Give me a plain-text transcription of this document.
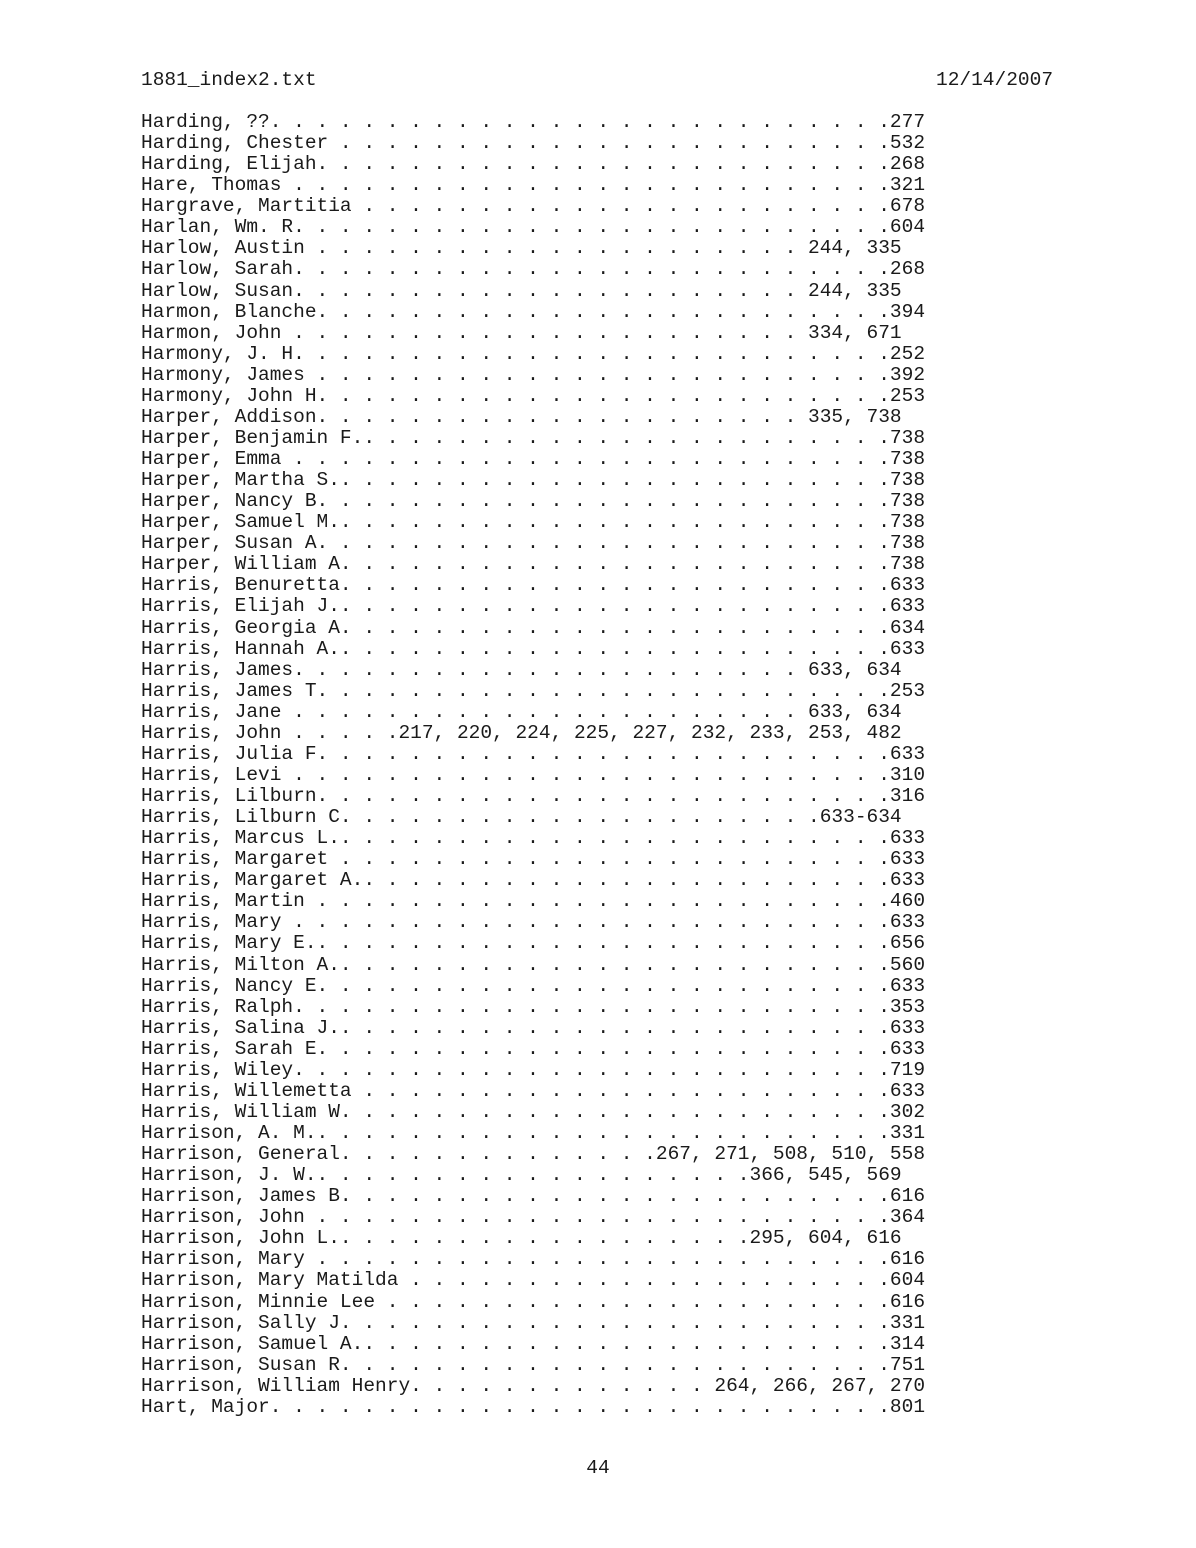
1881_index2.txt	12/14/2007
Harding, ??. . . . . . . . . . . . . . . . . . . . . . . . . . .277
Harding, Chester . . . . . . . . . . . . . . . . . . . . . . . .532
Harding, Elijah. . . . . . . . . . . . . . . . . . . . . . . . .268
Hare, Thomas . . . . . . . . . . . . . . . . . . . . . . . . . .321
Hargrave, Martitia . . . . . . . . . . . . . . . . . . . . . . .678
Harlan, Wm. R. . . . . . . . . . . . . . . . . . . . . . . . . .604
Harlow, Austin . . . . . . . . . . . . . . . . . . . . . 244, 335
Harlow, Sarah. . . . . . . . . . . . . . . . . . . . . . . . . .268
Harlow, Susan. . . . . . . . . . . . . . . . . . . . . . 244, 335
Harmon, Blanche. . . . . . . . . . . . . . . . . . . . . . . . .394
Harmon, John . . . . . . . . . . . . . . . . . . . . . . 334, 671
Harmony, J. H. . . . . . . . . . . . . . . . . . . . . . . . . .252
Harmony, James . . . . . . . . . . . . . . . . . . . . . . . . .392
Harmony, John H. . . . . . . . . . . . . . . . . . . . . . . . .253
Harper, Addison. . . . . . . . . . . . . . . . . . . . . 335, 738
Harper, Benjamin F.. . . . . . . . . . . . . . . . . . . . . . .738
Harper, Emma . . . . . . . . . . . . . . . . . . . . . . . . . .738
Harper, Martha S.. . . . . . . . . . . . . . . . . . . . . . . .738
Harper, Nancy B. . . . . . . . . . . . . . . . . . . . . . . . .738
Harper, Samuel M.. . . . . . . . . . . . . . . . . . . . . . . .738
Harper, Susan A. . . . . . . . . . . . . . . . . . . . . . . . .738
Harper, William A. . . . . . . . . . . . . . . . . . . . . . . .738
Harris, Benuretta. . . . . . . . . . . . . . . . . . . . . . . .633
Harris, Elijah J.. . . . . . . . . . . . . . . . . . . . . . . .633
Harris, Georgia A. . . . . . . . . . . . . . . . . . . . . . . .634
Harris, Hannah A.. . . . . . . . . . . . . . . . . . . . . . . .633
Harris, James. . . . . . . . . . . . . . . . . . . . . . 633, 634
Harris, James T. . . . . . . . . . . . . . . . . . . . . . . . .253
Harris, Jane . . . . . . . . . . . . . . . . . . . . . . 633, 634
Harris, John . . . . .217, 220, 224, 225, 227, 232, 233, 253, 482
Harris, Julia F. . . . . . . . . . . . . . . . . . . . . . . . .633
Harris, Levi . . . . . . . . . . . . . . . . . . . . . . . . . .310
Harris, Lilburn. . . . . . . . . . . . . . . . . . . . . . . . .316
Harris, Lilburn C. . . . . . . . . . . . . . . . . . . . .633-634
Harris, Marcus L.. . . . . . . . . . . . . . . . . . . . . . . .633
Harris, Margaret . . . . . . . . . . . . . . . . . . . . . . . .633
Harris, Margaret A.. . . . . . . . . . . . . . . . . . . . . . .633
Harris, Martin . . . . . . . . . . . . . . . . . . . . . . . . .460
Harris, Mary . . . . . . . . . . . . . . . . . . . . . . . . . .633
Harris, Mary E.. . . . . . . . . . . . . . . . . . . . . . . . .656
Harris, Milton A.. . . . . . . . . . . . . . . . . . . . . . . .560
Harris, Nancy E. . . . . . . . . . . . . . . . . . . . . . . . .633
Harris, Ralph. . . . . . . . . . . . . . . . . . . . . . . . . .353
Harris, Salina J.. . . . . . . . . . . . . . . . . . . . . . . .633
Harris, Sarah E. . . . . . . . . . . . . . . . . . . . . . . . .633
Harris, Wiley. . . . . . . . . . . . . . . . . . . . . . . . . .719
Harris, Willemetta . . . . . . . . . . . . . . . . . . . . . . .633
Harris, William W. . . . . . . . . . . . . . . . . . . . . . . .302
Harrison, A. M.. . . . . . . . . . . . . . . . . . . . . . . . .331
Harrison, General. . . . . . . . . . . . . .267, 271, 508, 510, 558
Harrison, J. W.. . . . . . . . . . . . . . . . . . .366, 545, 569
Harrison, James B. . . . . . . . . . . . . . . . . . . . . . . .616
Harrison, John . . . . . . . . . . . . . . . . . . . . . . . . .364
Harrison, John L.. . . . . . . . . . . . . . . . . .295, 604, 616
Harrison, Mary . . . . . . . . . . . . . . . . . . . . . . . . .616
Harrison, Mary Matilda . . . . . . . . . . . . . . . . . . . . .604
Harrison, Minnie Lee . . . . . . . . . . . . . . . . . . . . . .616
Harrison, Sally J. . . . . . . . . . . . . . . . . . . . . . . .331
Harrison, Samuel A.. . . . . . . . . . . . . . . . . . . . . . .314
Harrison, Susan R. . . . . . . . . . . . . . . . . . . . . . . .751
Harrison, William Henry. . . . . . . . . . . . . 264, 266, 267, 270
Hart, Major. . . . . . . . . . . . . . . . . . . . . . . . . . .801
44
